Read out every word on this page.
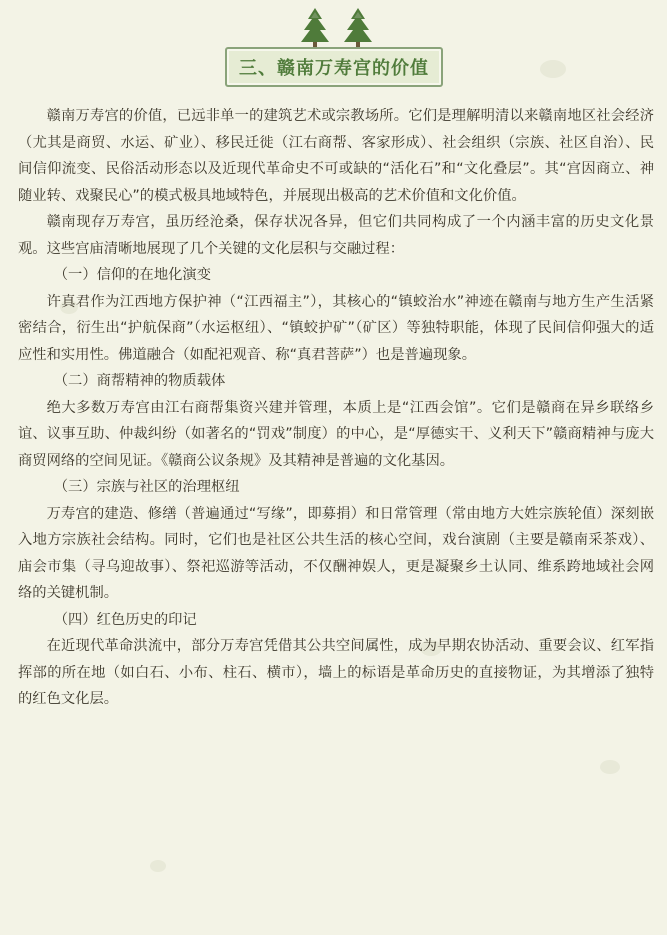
三、赣南万寿宫的价值

赣南万寿宫的价值，已远非单一的建筑艺术或宗教场所。它们是理解明清以来赣南地区社会经济（尤其是商贸、水运、矿业）、移民迁徙（江右商帮、客家形成）、社会组织（宗族、社区自治）、民间信仰流变、民俗活动形态以及近现代革命史不可或缺的“活化石”和“文化叠层”。其“宫因商立、神随业转、戏聚民心”的模式极具地域特色，并展现出极高的艺术价值和文化价值。

赣南现存万寿宫，虽历经沧桑，保存状况各异，但它们共同构成了一个内涵丰富的历史文化景观。这些宫庙清晰地展现了几个关键的文化层积与交融过程：

（一）信仰的在地化演变

许真君作为江西地方保护神（“江西福主”），其核心的“镇蛟治水”神迹在赣南与地方生产生活紧密结合，衍生出“护航保商”（水运枢纽）、“镇蛟护矿”（矿区）等独特职能，体现了民间信仰强大的适应性和实用性。佛道融合（如配祀观音、称“真君菩萨”）也是普遍现象。

（二）商帮精神的物质载体

绝大多数万寿宫由江右商帮集资兴建并管理，本质上是“江西会馆”。它们是赣商在异乡联络乡谊、议事互助、仲裁纠纷（如著名的“罚戏”制度）的中心，是“厚德实干、义利天下”赣商精神与庞大商贸网络的空间见证。《赣商公议条规》及其精神是普遍的文化基因。

（三）宗族与社区的治理枢纽

万寿宫的建造、修缮（普遍通过“写缘”，即募捐）和日常管理（常由地方大姓宗族轮值）深刻嵌入地方宗族社会结构。同时，它们也是社区公共生活的核心空间，戏台演剧（主要是赣南采茶戏）、庙会市集（寻乌迎故事）、祭祀巡游等活动，不仅酬神娱人，更是凝聚乡土认同、维系跨地域社会网络的关键机制。

（四）红色历史的印记

在近现代革命洪流中，部分万寿宫凭借其公共空间属性，成为早期农协活动、重要会议、红军指挥部的所在地（如白石、小布、柱石、横市），墙上的标语是革命历史的直接物证，为其增添了独特的红色文化层。
